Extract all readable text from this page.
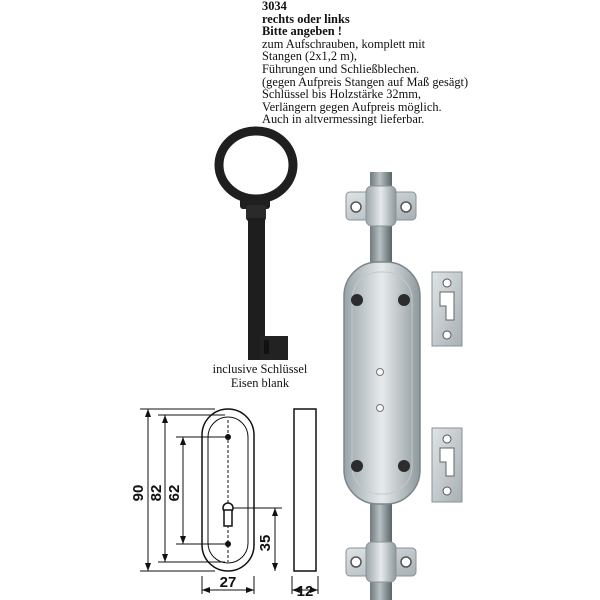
3034
rechts oder links
Bitte angeben !
zum Aufschrauben, komplett mit
Stangen (2x1,2 m),
Führungen und Schließblechen.
(gegen Aufpreis Stangen auf Maß gesägt)
Schlüssel bis Holzstärke 32mm,
Verlängern gegen Aufpreis möglich.
Auch in altvermessingt lieferbar.
inclusive Schlüssel
Eisen blank
90 82 62
35
27
12
